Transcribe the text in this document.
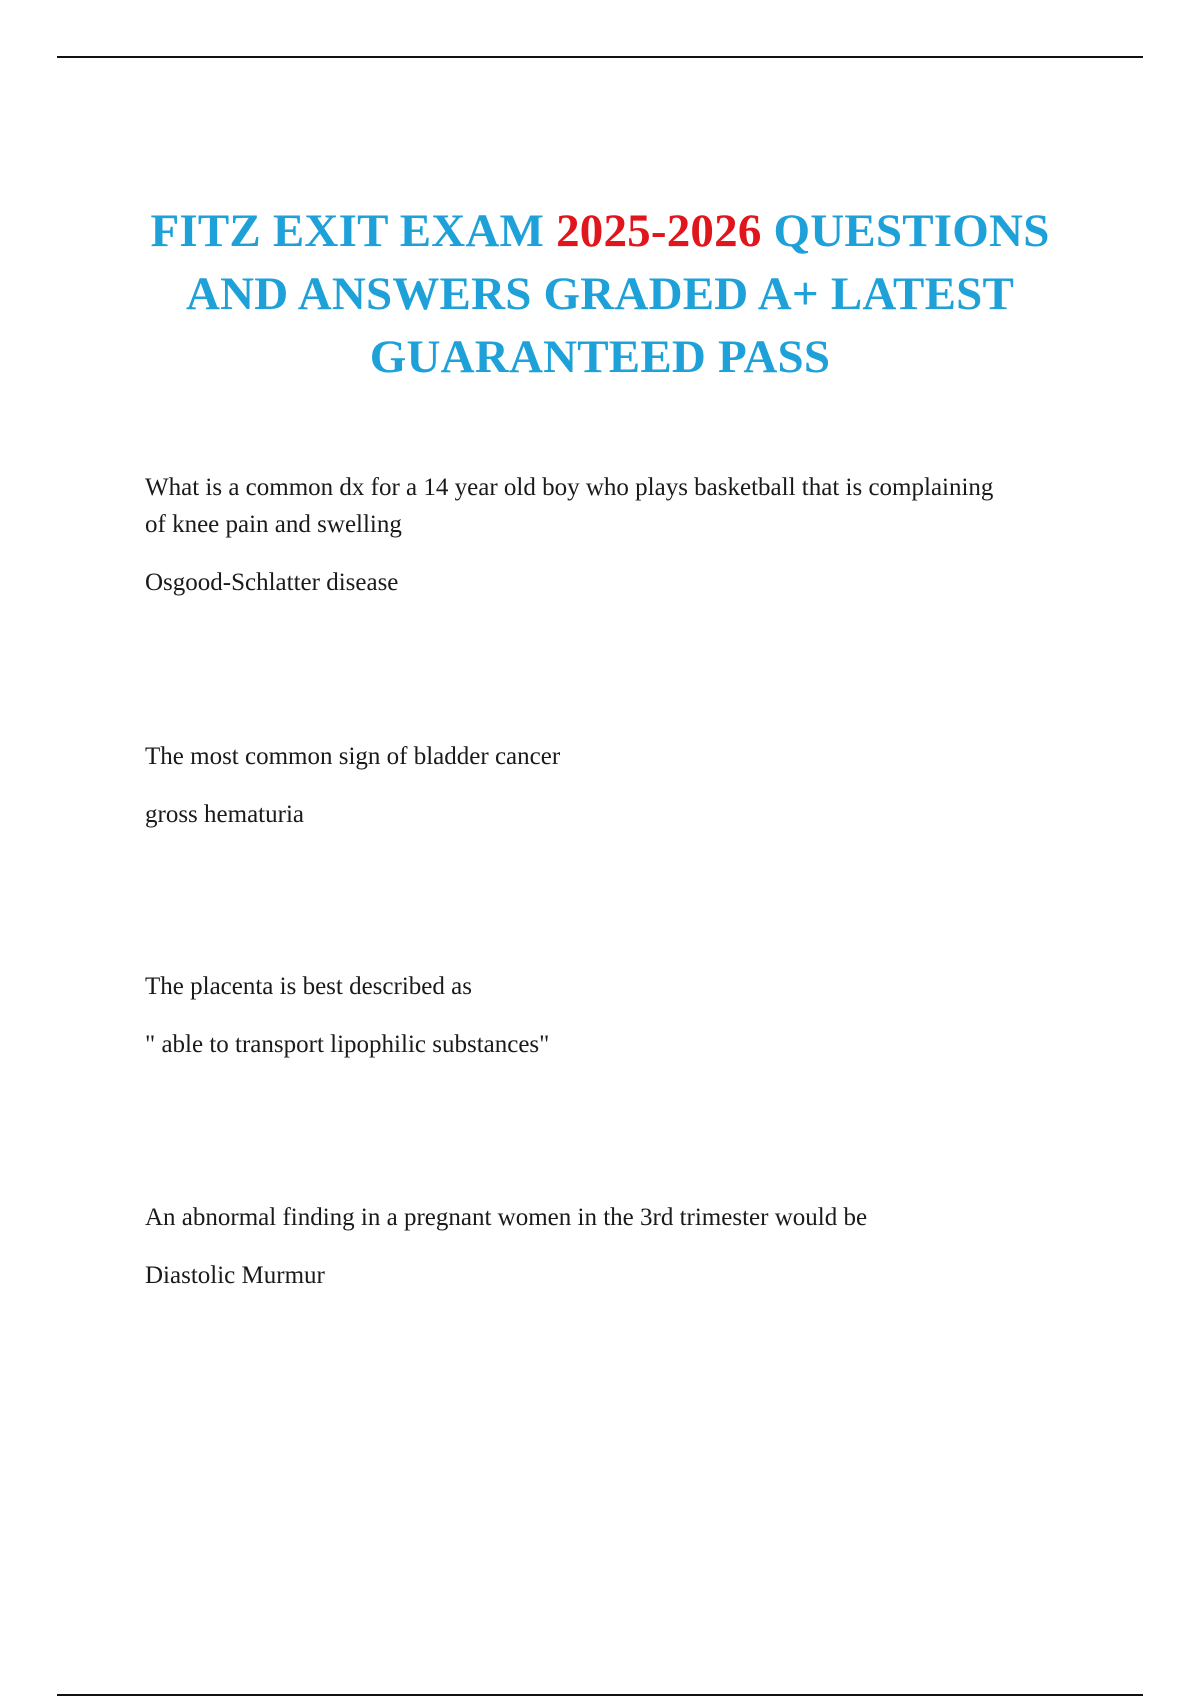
FITZ EXIT EXAM 2025-2026 QUESTIONS AND ANSWERS GRADED A+ LATEST GUARANTEED PASS

What is a common dx for a 14 year old boy who plays basketball that is complaining of knee pain and swelling

Osgood-Schlatter disease

The most common sign of bladder cancer

gross hematuria

The placenta is best described as

" able to transport lipophilic substances"

An abnormal finding in a pregnant women in the 3rd trimester would be

Diastolic Murmur
